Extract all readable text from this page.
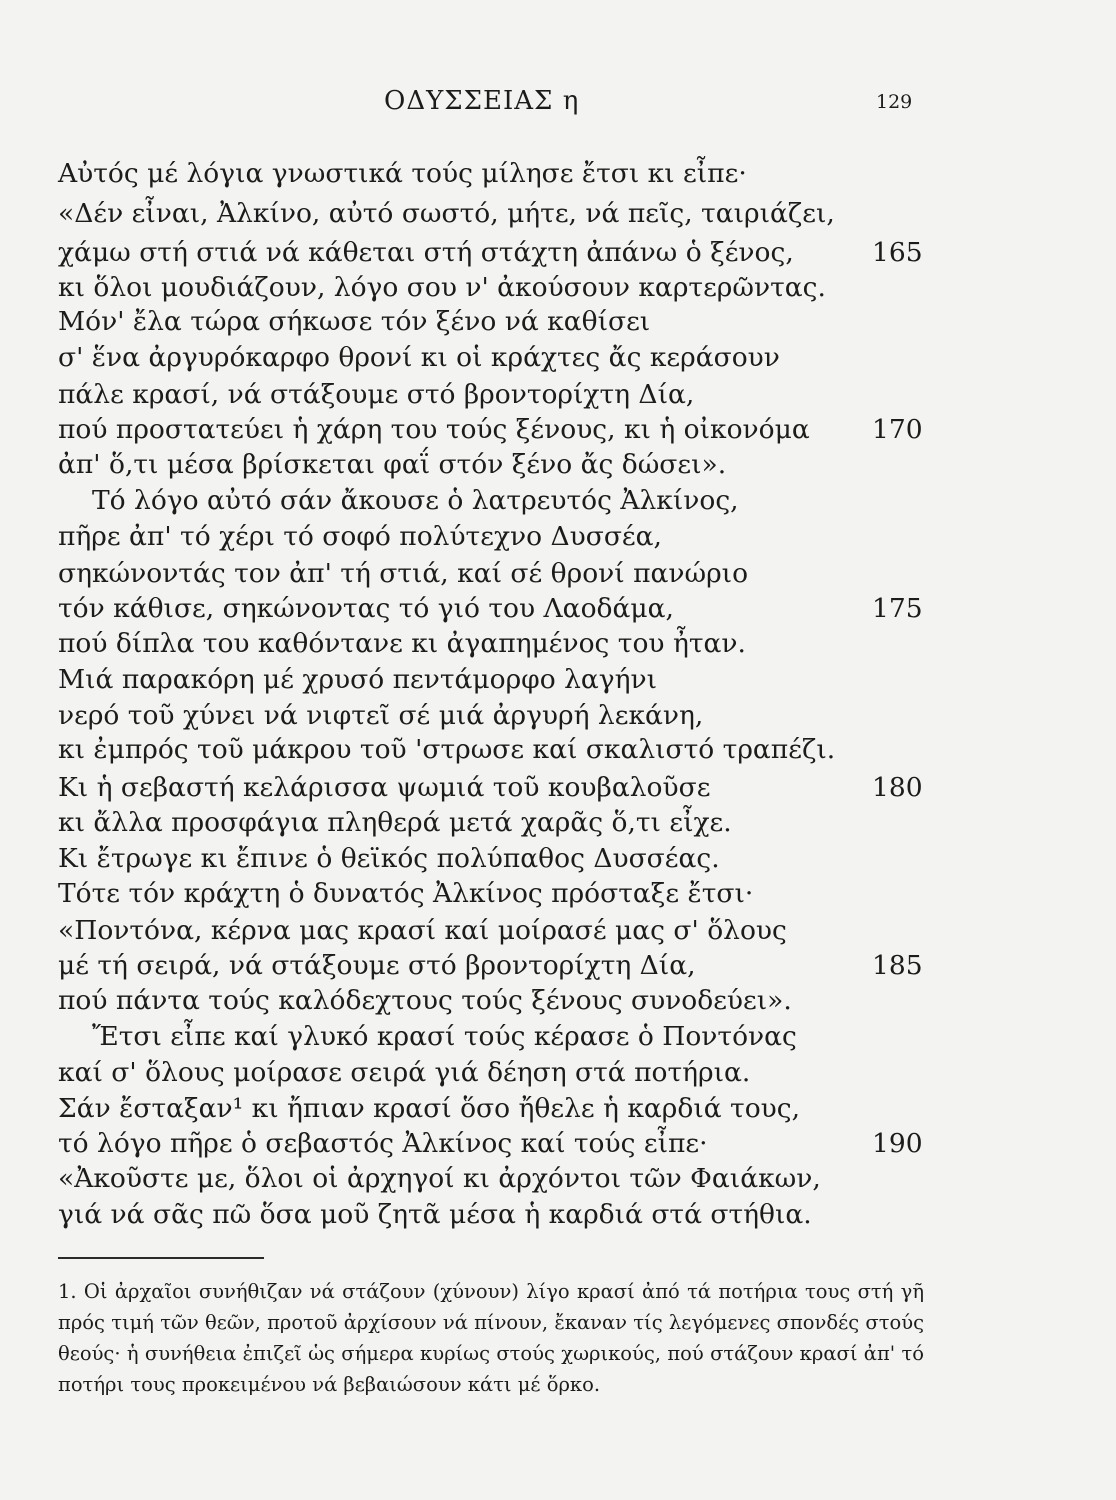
ΟΔΥΣΣΕΙΑΣ η	129
Αὐτός μέ λόγια γνωστικά τούς μίλησε ἔτσι κι εἶπε·
«Δέν εἶναι, Ἀλκίνο, αὐτό σωστό, μήτε, νά πεῖς, ταιριάζει,
χάμω στή στιά νά κάθεται στή στάχτη ἀπάνω ὁ ξένος,
κι ὅλοι μουδιάζουν, λόγο σου ν' ἀκούσουν καρτερῶντας.
Μόν' ἔλα τώρα σήκωσε τόν ξένο νά καθίσει
σ' ἕνα ἀργυρόκαρφο θρονί κι οἱ κράχτες ἄς κεράσουν
πάλε κρασί, νά στάξουμε στό βροντορίχτη Δία,
πού προστατεύει ἡ χάρη του τούς ξένους, κι ἡ οἰκονόμα
ἀπ' ὅ,τι μέσα βρίσκεται φαΐ στόν ξένο ἄς δώσει».
Τό λόγο αὐτό σάν ἄκουσε ὁ λατρευτός Ἀλκίνος,
πῆρε ἀπ' τό χέρι τό σοφό πολύτεχνο Δυσσέα,
σηκώνοντάς τον ἀπ' τή στιά, καί σέ θρονί πανώριο
τόν κάθισε, σηκώνοντας τό γιό του Λαοδάμα,
πού δίπλα του καθόντανε κι ἀγαπημένος του ἦταν.
Μιά παρακόρη μέ χρυσό πεντάμορφο λαγήνι
νερό τοῦ χύνει νά νιφτεῖ σέ μιά ἀργυρή λεκάνη,
κι ἐμπρός τοῦ μάκρου τοῦ 'στρωσε καί σκαλιστό τραπέζι.
Κι ἡ σεβαστή κελάρισσα ψωμιά τοῦ κουβαλοῦσε
κι ἄλλα προσφάγια πληθερά μετά χαρᾶς ὅ,τι εἶχε.
Κι ἔτρωγε κι ἔπινε ὁ θεϊκός πολύπαθος Δυσσέας.
Τότε τόν κράχτη ὁ δυνατός Ἀλκίνος πρόσταξε ἔτσι·
«Ποντόνα, κέρνα μας κρασί καί μοίρασέ μας σ' ὅλους
μέ τή σειρά, νά στάξουμε στό βροντορίχτη Δία,
πού πάντα τούς καλόδεχτους τούς ξένους συνοδεύει».
Ἔτσι εἶπε καί γλυκό κρασί τούς κέρασε ὁ Ποντόνας
καί σ' ὅλους μοίρασε σειρά γιά δέηση στά ποτήρια.
Σάν ἔσταξαν¹ κι ἤπιαν κρασί ὅσο ἤθελε ἡ καρδιά τους,
τό λόγο πῆρε ὁ σεβαστός Ἀλκίνος καί τούς εἶπε·
«Ἀκοῦστε με, ὅλοι οἱ ἀρχηγοί κι ἀρχόντοι τῶν Φαιάκων,
γιά νά σᾶς πῶ ὅσα μοῦ ζητᾶ μέσα ἡ καρδιά στά στήθια.
165
170
175
180
185
190

1. Οἱ ἀρχαῖοι συνήθιζαν νά στάζουν (χύνουν) λίγο κρασί ἀπό τά ποτήρια τους στή γῆ πρός τιμή τῶν θεῶν, προτοῦ ἀρχίσουν νά πίνουν, ἔκαναν τίς λεγόμενες σπονδές στούς θεούς· ἡ συνήθεια ἐπιζεῖ ὡς σήμερα κυρίως στούς χωρικούς, πού στάζουν κρασί ἀπ' τό ποτήρι τους προκειμένου νά βεβαιώσουν κάτι μέ ὅρκο.
